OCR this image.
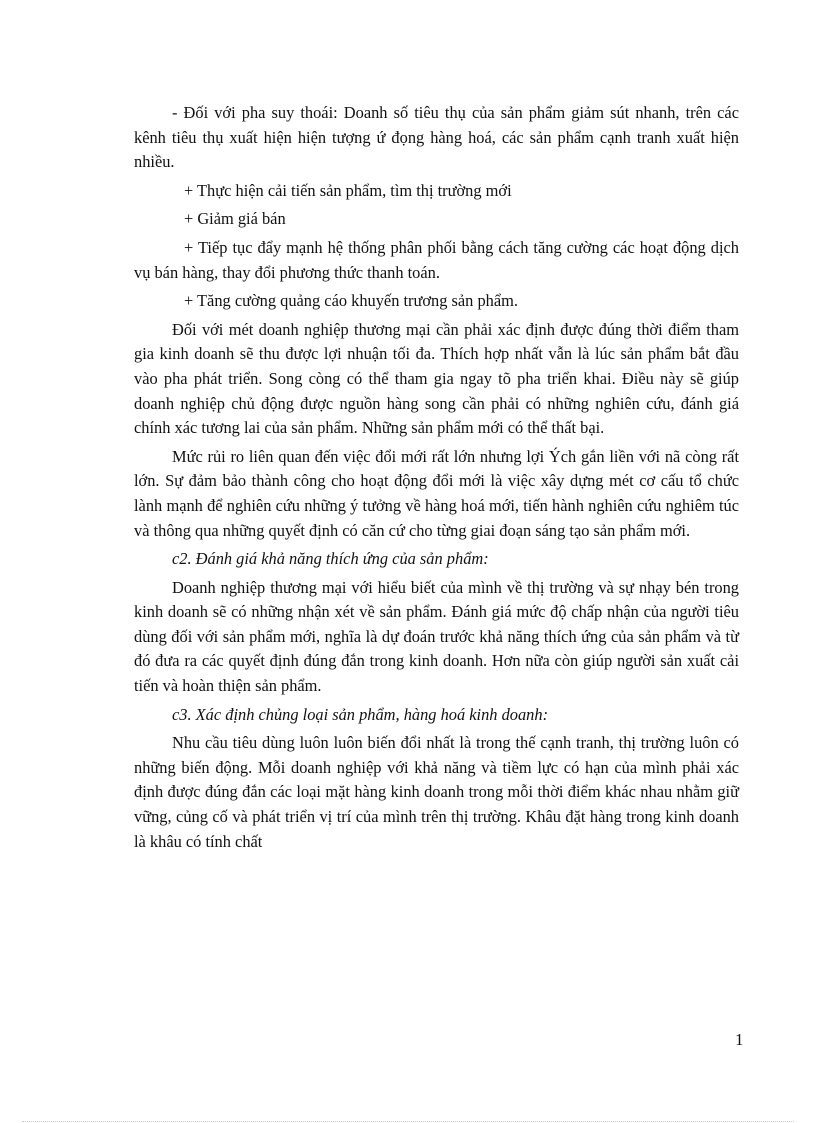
- Đối với pha suy thoái: Doanh số tiêu thụ của sản phẩm giảm sút nhanh, trên các kênh tiêu thụ xuất hiện hiện tượng ứ đọng hàng hoá, các sản phẩm cạnh tranh xuất hiện nhiều.

+ Thực hiện cải tiến sản phẩm, tìm thị trường mới

+ Giảm giá bán

+ Tiếp tục đẩy mạnh hệ thống phân phối bằng cách tăng cường các hoạt động dịch vụ bán hàng, thay đổi phương thức thanh toán.

+ Tăng cường quảng cáo khuyến trương sản phẩm.

Đối với mét doanh nghiệp thương mại cần phải xác định được đúng thời điểm tham gia kinh doanh sẽ thu được lợi nhuận tối đa. Thích hợp nhất vẫn là lúc sản phẩm bắt đầu vào pha phát triển. Song còng có thể tham gia ngay tõ pha triển khai. Điều này sẽ giúp doanh nghiệp chủ động được nguồn hàng song cần phải có những nghiên cứu, đánh giá chính xác tương lai của sản phẩm. Những sản phẩm mới có thể thất bại.

Mức rủi ro liên quan đến việc đổi mới rất lớn nhưng lợi Ých gắn liền với nã còng rất lớn. Sự đảm bảo thành công cho hoạt động đổi mới là việc xây dựng mét cơ cấu tổ chức lành mạnh để nghiên cứu những ý tưởng về hàng hoá mới, tiến hành nghiên cứu nghiêm túc và thông qua những quyết định có căn cứ cho từng giai đoạn sáng tạo sản phẩm mới.

c2. Đánh giá khả năng thích ứng của sản phẩm:

Doanh nghiệp thương mại với hiểu biết của mình về thị trường và sự nhạy bén trong kinh doanh sẽ có những nhận xét về sản phẩm. Đánh giá mức độ chấp nhận của người tiêu dùng đối với sản phẩm mới, nghĩa là dự đoán trước khả năng thích ứng của sản phẩm và từ đó đưa ra các quyết định đúng đắn trong kinh doanh. Hơn nữa còn giúp người sản xuất cải tiến và hoàn thiện sản phẩm.

c3. Xác định chủng loại sản phẩm, hàng hoá kinh doanh:

Nhu cầu tiêu dùng luôn luôn biến đổi nhất là trong thế cạnh tranh, thị trường luôn có những biến động. Mỗi doanh nghiệp với khả năng và tiềm lực có hạn của mình phải xác định được đúng đắn các loại mặt hàng kinh doanh trong mỗi thời điểm khác nhau nhằm giữ vững, củng cố và phát triển vị trí của mình trên thị trường. Khâu đặt hàng trong kinh doanh là khâu có tính chất

1
